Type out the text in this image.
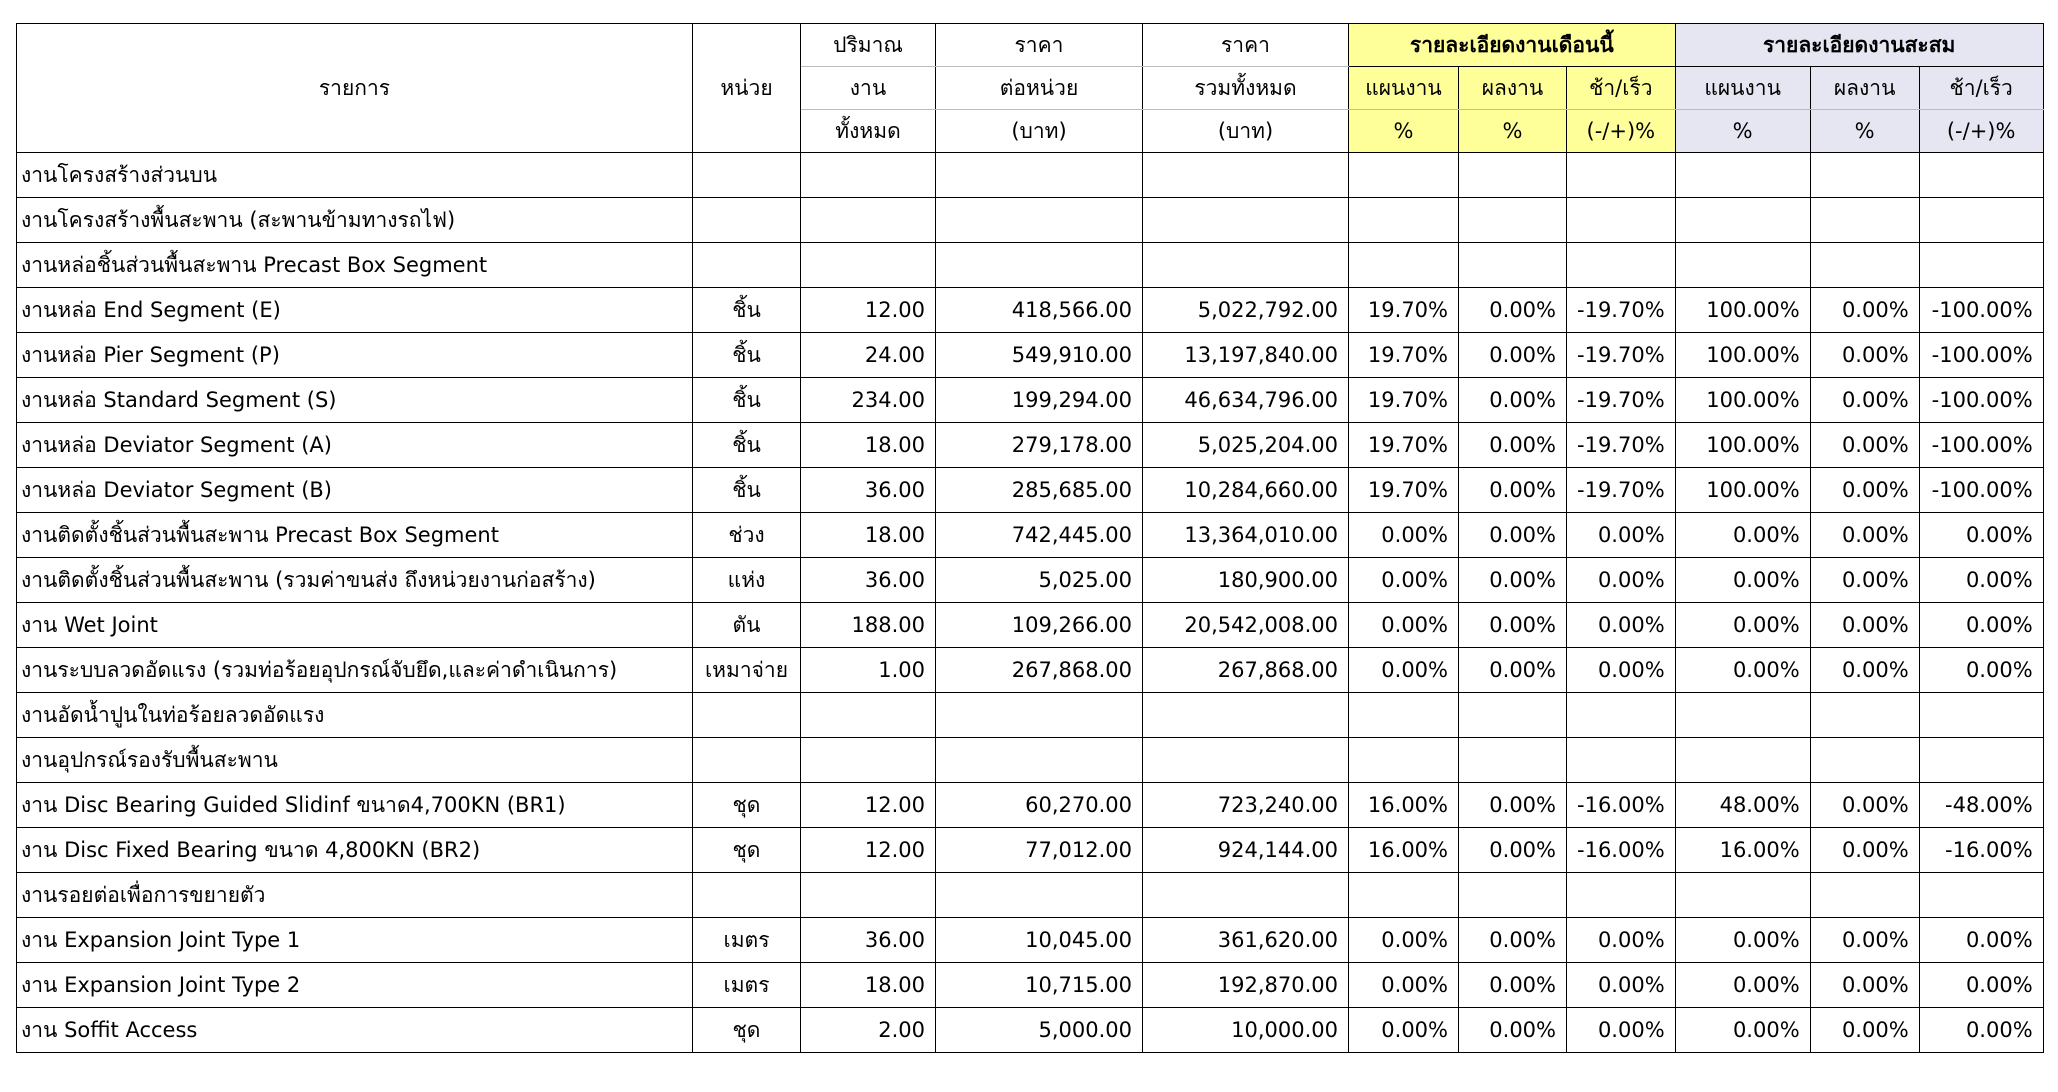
รายการ	หน่วย	ปริมาณ	ราคา	ราคา	รายละเอียดงานเดือนนี้			รายละเอียดงานสะสม		
		งาน	ต่อหน่วย	รวมทั้งหมด	แผนงาน	ผลงาน	ช้า/เร็ว	แผนงาน	ผลงาน	ช้า/เร็ว
		ทั้งหมด	(บาท)	(บาท)	%	%	(-/+)%	%	%	(-/+)%
งานโครงสร้างส่วนบน										
งานโครงสร้างพื้นสะพาน (สะพานข้ามทางรถไฟ)										
งานหล่อชิ้นส่วนพื้นสะพาน Precast Box Segment										
งานหล่อ End Segment (E)	ชิ้น	12.00	418,566.00	5,022,792.00	19.70%	0.00%	-19.70%	100.00%	0.00%	-100.00%
งานหล่อ Pier Segment (P)	ชิ้น	24.00	549,910.00	13,197,840.00	19.70%	0.00%	-19.70%	100.00%	0.00%	-100.00%
งานหล่อ Standard Segment (S)	ชิ้น	234.00	199,294.00	46,634,796.00	19.70%	0.00%	-19.70%	100.00%	0.00%	-100.00%
งานหล่อ Deviator Segment (A)	ชิ้น	18.00	279,178.00	5,025,204.00	19.70%	0.00%	-19.70%	100.00%	0.00%	-100.00%
งานหล่อ Deviator Segment (B)	ชิ้น	36.00	285,685.00	10,284,660.00	19.70%	0.00%	-19.70%	100.00%	0.00%	-100.00%
งานติดตั้งชิ้นส่วนพื้นสะพาน Precast Box Segment	ช่วง	18.00	742,445.00	13,364,010.00	0.00%	0.00%	0.00%	0.00%	0.00%	0.00%
งานติดตั้งชิ้นส่วนพื้นสะพาน (รวมค่าขนส่ง ถึงหน่วยงานก่อสร้าง)	แห่ง	36.00	5,025.00	180,900.00	0.00%	0.00%	0.00%	0.00%	0.00%	0.00%
งาน Wet Joint	ตัน	188.00	109,266.00	20,542,008.00	0.00%	0.00%	0.00%	0.00%	0.00%	0.00%
งานระบบลวดอัดแรง (รวมท่อร้อยอุปกรณ์จับยึด,และค่าดำเนินการ)	เหมาจ่าย	1.00	267,868.00	267,868.00	0.00%	0.00%	0.00%	0.00%	0.00%	0.00%
งานอัดน้ำปูนในท่อร้อยลวดอัดแรง										
งานอุปกรณ์รองรับพื้นสะพาน										
งาน Disc Bearing Guided Slidinf ขนาด4,700KN (BR1)	ชุด	12.00	60,270.00	723,240.00	16.00%	0.00%	-16.00%	48.00%	0.00%	-48.00%
งาน Disc Fixed Bearing ขนาด 4,800KN (BR2)	ชุด	12.00	77,012.00	924,144.00	16.00%	0.00%	-16.00%	16.00%	0.00%	-16.00%
งานรอยต่อเพื่อการขยายตัว										
งาน Expansion Joint Type 1	เมตร	36.00	10,045.00	361,620.00	0.00%	0.00%	0.00%	0.00%	0.00%	0.00%
งาน Expansion Joint Type 2	เมตร	18.00	10,715.00	192,870.00	0.00%	0.00%	0.00%	0.00%	0.00%	0.00%
งาน Soffit Access	ชุด	2.00	5,000.00	10,000.00	0.00%	0.00%	0.00%	0.00%	0.00%	0.00%
